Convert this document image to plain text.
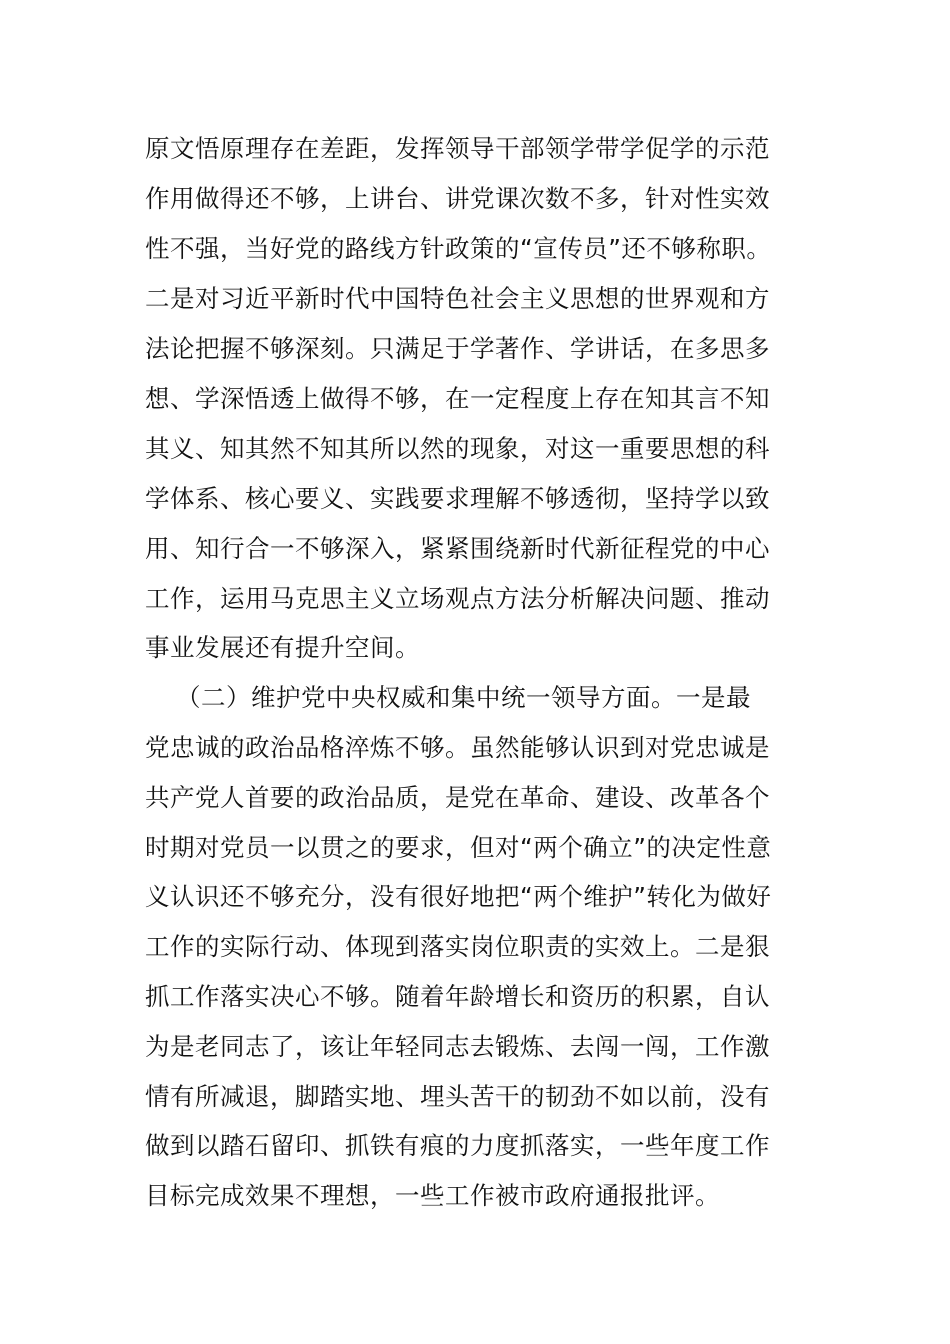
原文悟原理存在差距，发挥领导干部领学带学促学的示范
作用做得还不够，上讲台、讲党课次数不多，针对性实效
性不强，当好党的路线方针政策的“宣传员”还不够称职。
二是对习近平新时代中国特色社会主义思想的世界观和方
法论把握不够深刻。只满足于学著作、学讲话，在多思多
想、学深悟透上做得不够，在一定程度上存在知其言不知
其义、知其然不知其所以然的现象，对这一重要思想的科
学体系、核心要义、实践要求理解不够透彻，坚持学以致
用、知行合一不够深入，紧紧围绕新时代新征程党的中心
工作，运用马克思主义立场观点方法分析解决问题、推动
事业发展还有提升空间。
（二）维护党中央权威和集中统一领导方面。一是最
党忠诚的政治品格淬炼不够。虽然能够认识到对党忠诚是
共产党人首要的政治品质，是党在革命、建设、改革各个
时期对党员一以贯之的要求，但对“两个确立”的决定性意
义认识还不够充分，没有很好地把“两个维护”转化为做好
工作的实际行动、体现到落实岗位职责的实效上。二是狠
抓工作落实决心不够。随着年龄增长和资历的积累，自认
为是老同志了，该让年轻同志去锻炼、去闯一闯，工作激
情有所减退，脚踏实地、埋头苦干的韧劲不如以前，没有
做到以踏石留印、抓铁有痕的力度抓落实，一些年度工作
目标完成效果不理想，一些工作被市政府通报批评。
